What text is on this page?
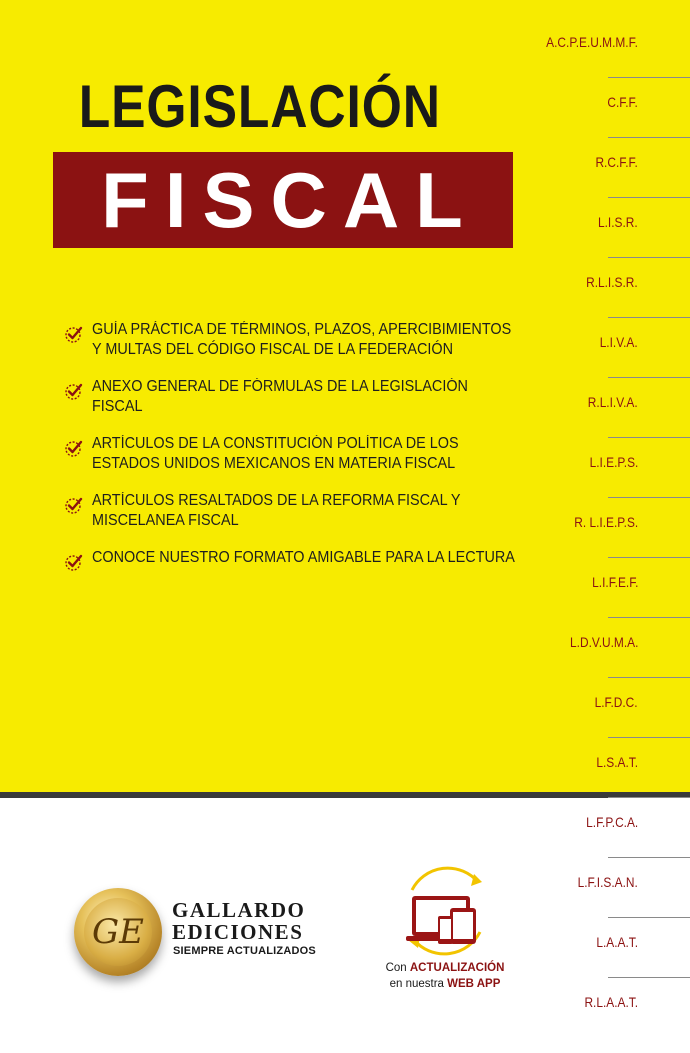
LEGISLACIÓN
FISCAL
A.C.P.E.U.M.M.F.
C.F.F.
R.C.F.F.
L.I.S.R.
R.L.I.S.R.
L.I.V.A.
R.L.I.V.A.
L.I.E.P.S.
R. L.I.E.P.S.
L.I.F.E.F.
L.D.V.U.M.A.
L.F.D.C.
L.S.A.T.
L.F.P.C.A.
L.F.I.S.A.N.
L.A.A.T.
R.L.A.A.T.
GUÍA PRÁCTICA DE TÉRMINOS, PLAZOS, APERCIBIMIENTOS Y MULTAS DEL CÓDIGO FISCAL DE LA FEDERACIÓN
ANEXO GENERAL DE FÓRMULAS DE LA LEGISLACIÓN FISCAL
ARTÍCULOS DE LA CONSTITUCIÓN POLÍTICA DE LOS ESTADOS UNIDOS MEXICANOS EN MATERIA FISCAL
ARTÍCULOS RESALTADOS DE LA REFORMA FISCAL Y MISCELANEA FISCAL
CONOCE NUESTRO FORMATO AMIGABLE PARA LA LECTURA
GE
GALLARDO
EDICIONES
SIEMPRE ACTUALIZADOS
Con ACTUALIZACIÓN
en nuestra WEB APP
